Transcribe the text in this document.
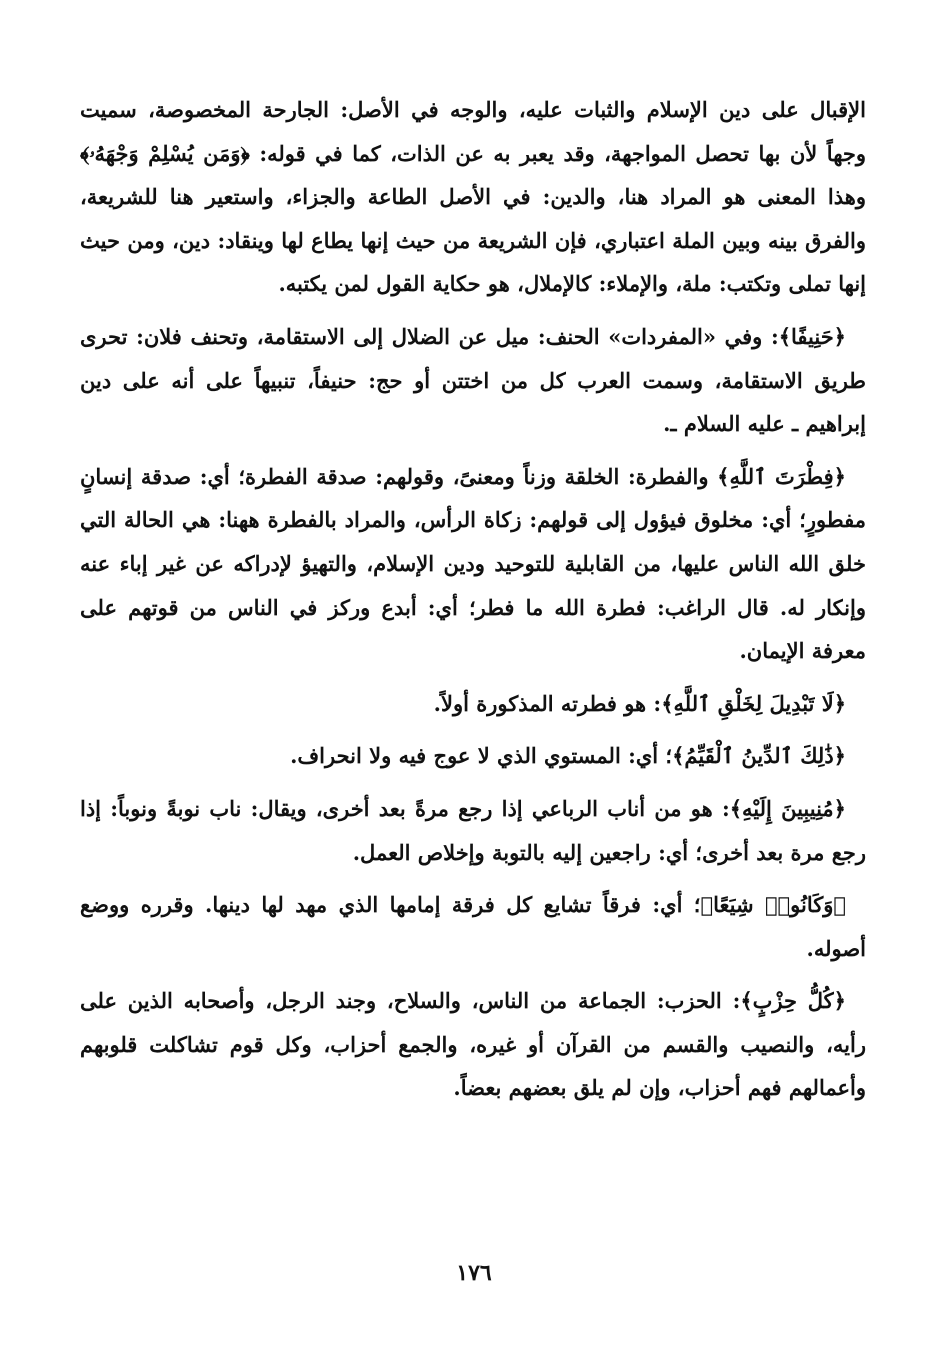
الإقبال على دين الإسلام والثبات عليه، والوجه في الأصل: الجارحة المخصوصة، سميت وجهاً لأن بها تحصل المواجهة، وقد يعبر به عن الذات، كما في قوله: ﴿وَمَن يُسْلِمْ وَجْهَهُۥ﴾ وهذا المعنى هو المراد هنا، والدين: في الأصل الطاعة والجزاء، واستعير هنا للشريعة، والفرق بينه وبين الملة اعتباري، فإن الشريعة من حيث إنها يطاع لها وينقاد: دين، ومن حيث إنها تملى وتكتب: ملة، والإملاء: كالإملال، هو حكاية القول لمن يكتبه.

﴿حَنِيفًا﴾: وفي «المفردات» الحنف: ميل عن الضلال إلى الاستقامة، وتحنف فلان: تحرى طريق الاستقامة، وسمت العرب كل من اختتن أو حج: حنيفاً، تنبيهاً على أنه على دين إبراهيم ـ عليه السلام ـ.

﴿فِطْرَتَ ٱللَّهِ﴾ والفطرة: الخلقة وزناً ومعنىً، وقولهم: صدقة الفطرة؛ أي: صدقة إنسانٍ مفطورٍ؛ أي: مخلوق فيؤول إلى قولهم: زكاة الرأس، والمراد بالفطرة ههنا: هي الحالة التي خلق الله الناس عليها، من القابلية للتوحيد ودين الإسلام، والتهيؤ لإدراكه عن غير إباء عنه وإنكار له. قال الراغب: فطرة الله ما فطر؛ أي: أبدع وركز في الناس من قوتهم على معرفة الإيمان.

﴿لَا تَبْدِيلَ لِخَلْقِ ٱللَّهِ﴾: هو فطرته المذكورة أولاً.

﴿ذَٰلِكَ ٱلدِّينُ ٱلْقَيِّمُ﴾؛ أي: المستوي الذي لا عوج فيه ولا انحراف.

﴿مُنِيبِينَ إِلَيْهِ﴾: هو من أناب الرباعي إذا رجع مرةً بعد أخرى، ويقال: ناب نوبةً ونوباً: إذا رجع مرة بعد أخرى؛ أي: راجعين إليه بالتوبة وإخلاص العمل.

﴿وَكَانُوا۟ شِيَعًا﴾؛ أي: فرقاً تشايع كل فرقة إمامها الذي مهد لها دينها. وقرره ووضع أصوله.

﴿كُلُّ حِزْبٍ﴾: الحزب: الجماعة من الناس، والسلاح، وجند الرجل، وأصحابه الذين على رأيه، والنصيب والقسم من القرآن أو غيره، والجمع أحزاب، وكل قوم تشاكلت قلوبهم وأعمالهم فهم أحزاب، وإن لم يلق بعضهم بعضاً.

١٧٦
